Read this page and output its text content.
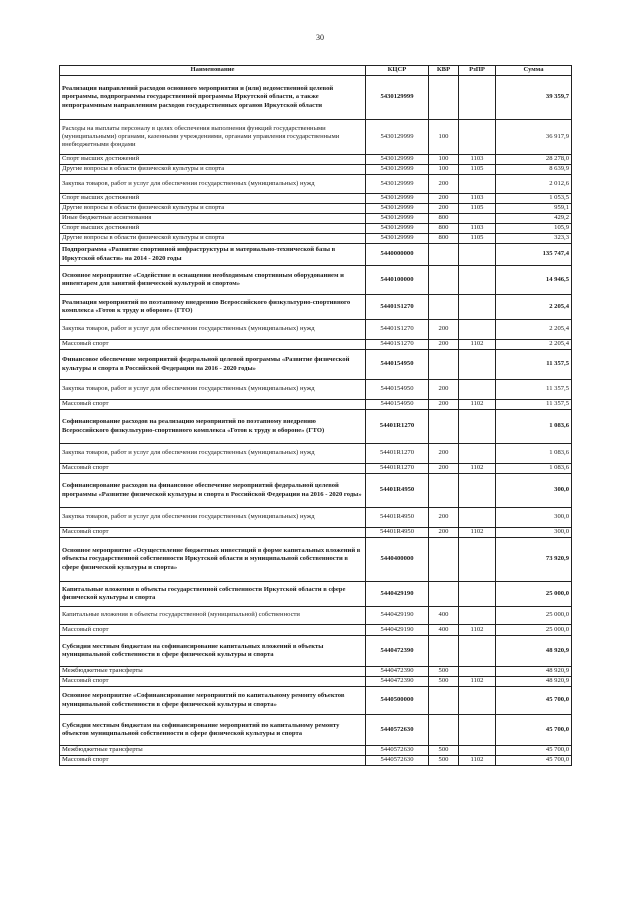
30
Наименование	КЦСР	КВР	РзПР	Сумма
Реализация направлений расходов основного мероприятия и (или) ведомственной целевой программы, подпрограммы государственной программы Иркутской области, а также непрограммным направлениям расходов государственных органов Иркутской области	5430129999			39 359,7
Расходы на выплаты персоналу в целях обеспечения выполнения функций государственными (муниципальными) органами, казенными учреждениями, органами управления государственными внебюджетными фондами	5430129999	100		36 917,9
Спорт высших достижений	5430129999	100	1103	28 278,0
Другие вопросы в области физической культуры и спорта	5430129999	100	1105	8 639,9
Закупка товаров, работ и услуг для обеспечения государственных (муниципальных) нужд	5430129999	200		2 012,6
Спорт высших достижений	5430129999	200	1103	1 053,5
Другие вопросы в области физической культуры и спорта	5430129999	200	1105	959,1
Иные бюджетные ассигнования	5430129999	800		429,2
Спорт высших достижений	5430129999	800	1103	105,9
Другие вопросы в области физической культуры и спорта	5430129999	800	1105	323,3
Подпрограмма «Развитие спортивной инфраструктуры и материально-технической базы в Иркутской области» на 2014 - 2020 годы	5440000000			135 747,4
Основное мероприятие «Содействие в оснащении необходимым спортивным оборудованием и инвентарем для занятий физической культурой и спортом»	5440100000			14 946,5
Реализация мероприятий по поэтапному внедрению Всероссийского физкультурно-спортивного комплекса «Готов к труду и обороне» (ГТО)	54401S1270			2 205,4
Закупка товаров, работ и услуг для обеспечения государственных (муниципальных) нужд	54401S1270	200		2 205,4
Массовый спорт	54401S1270	200	1102	2 205,4
Финансовое обеспечение мероприятий федеральной целевой программы «Развитие физической культуры и спорта в Российской Федерации на 2016 - 2020 годы»	5440154950			11 357,5
Закупка товаров, работ и услуг для обеспечения государственных (муниципальных) нужд	5440154950	200		11 357,5
Массовый спорт	5440154950	200	1102	11 357,5
Софинансирование расходов на реализацию мероприятий по поэтапному внедрению Всероссийского физкультурно-спортивного комплекса «Готов к труду и обороне» (ГТО)	54401R1270			1 083,6
Закупка товаров, работ и услуг для обеспечения государственных (муниципальных) нужд	54401R1270	200		1 083,6
Массовый спорт	54401R1270	200	1102	1 083,6
Софинансирование расходов на финансовое обеспечение мероприятий федеральной целевой программы «Развитие физической культуры и спорта в Российской Федерации на 2016 - 2020 годы»	54401R4950			300,0
Закупка товаров, работ и услуг для обеспечения государственных (муниципальных) нужд	54401R4950	200		300,0
Массовый спорт	54401R4950	200	1102	300,0
Основное мероприятие «Осуществление бюджетных инвестиций в форме капитальных вложений в объекты государственной собственности Иркутской области и муниципальной собственности в сфере физической культуры и спорта»	5440400000			73 920,9
Капитальные вложения в объекты государственной собственности Иркутской области в сфере физической культуры и спорта	5440429190			25 000,0
Капитальные вложения в объекты государственной (муниципальной) собственности	5440429190	400		25 000,0
Массовый спорт	5440429190	400	1102	25 000,0
Субсидии местным бюджетам на софинансирование капитальных вложений в объекты муниципальной собственности в сфере физической культуры и спорта	5440472390			48 920,9
Межбюджетные трансферты	5440472390	500		48 920,9
Массовый спорт	5440472390	500	1102	48 920,9
Основное мероприятие «Софинансирование мероприятий по капитальному ремонту объектов муниципальной собственности в сфере физической культуры и спорта»	5440500000			45 700,0
Субсидии местным бюджетам на софинансирование мероприятий по капитальному ремонту объектов муниципальной собственности в сфере физической культуры и спорта	5440572630			45 700,0
Межбюджетные трансферты	5440572630	500		45 700,0
Массовый спорт	5440572630	500	1102	45 700,0
